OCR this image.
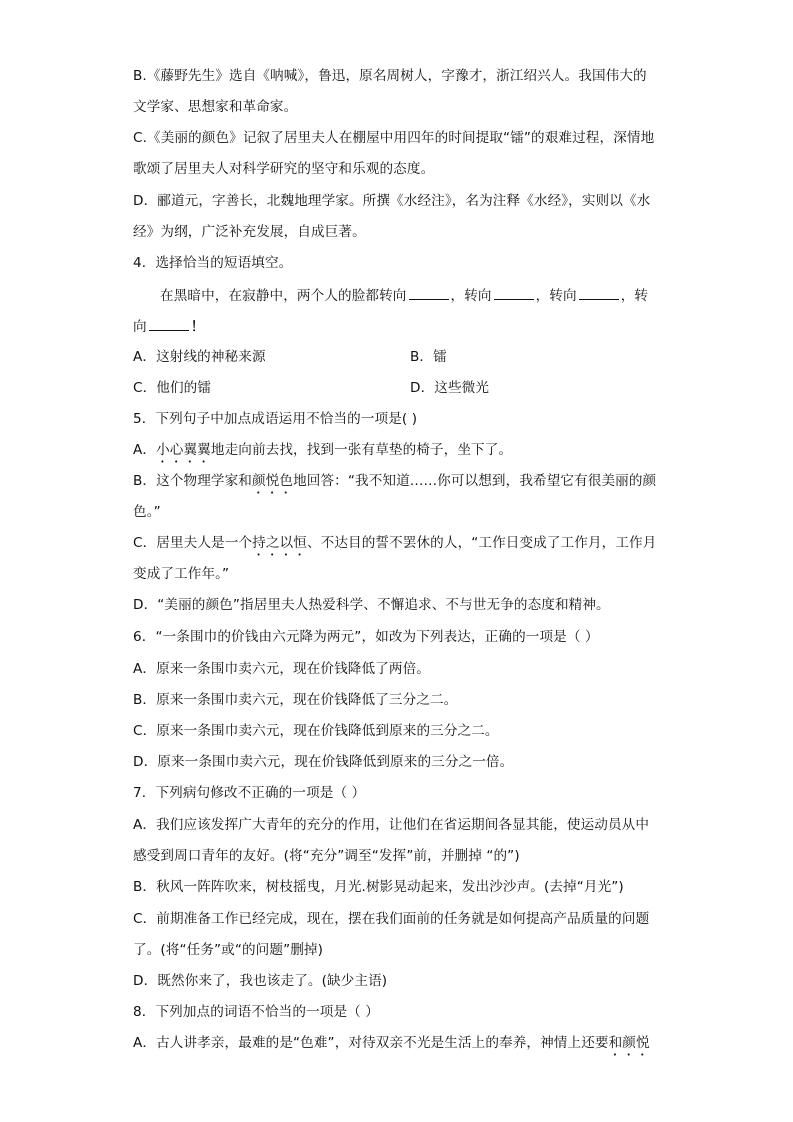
B.《藤野先生》选自《呐喊》，鲁迅，原名周树人，字豫才，浙江绍兴人。我国伟大的
文学家、思想家和革命家。
C.《美丽的颜色》记叙了居里夫人在棚屋中用四年的时间提取“镭”的艰难过程，深情地
歌颂了居里夫人对科学研究的坚守和乐观的态度。
D．郦道元，字善长，北魏地理学家。所撰《水经注》，名为注释《水经》，实则以《水
经》为纲，广泛补充发展，自成巨著。
4．选择恰当的短语填空。
在黑暗中，在寂静中，两个人的脸都转向	，转向	，转向	，转
向	！
A．这射线的神秘来源	B．镭
C．他们的镭	D．这些微光
5．下列句子中加点成语运用不恰当的一项是( )
A．小心翼翼地走向前去找，找到一张有草垫的椅子，坐下了。
B．这个物理学家和颜悦色地回答：“我不知道……你可以想到，我希望它有很美丽的颜
色。”
C．居里夫人是一个持之以恒、不达目的誓不罢休的人，“工作日变成了工作月，工作月
变成了工作年。”
D．“美丽的颜色”指居里夫人热爱科学、不懈追求、不与世无争的态度和精神。
6．“一条围巾的价钱由六元降为两元”，如改为下列表达，正确的一项是（ ）
A．原来一条围巾卖六元，现在价钱降低了两倍。
B．原来一条围巾卖六元，现在价钱降低了三分之二。
C．原来一条围巾卖六元，现在价钱降低到原来的三分之二。
D．原来一条围巾卖六元，现在价钱降低到原来的三分之一倍。
7．下列病句修改不正确的一项是（ ）
A．我们应该发挥广大青年的充分的作用，让他们在省运期间各显其能，使运动员从中
感受到周口青年的友好。(将“充分”调至“发挥”前，并删掉 “的”)
B．秋风一阵阵吹来，树枝摇曳，月光.树影晃动起来，发出沙沙声。(去掉“月光”)
C．前期准备工作已经完成，现在，摆在我们面前的任务就是如何提高产品质量的问题
了。(将“任务”或“的问题”删掉)
D．既然你来了，我也该走了。(缺少主语)
8．下列加点的词语不恰当的一项是（ ）
A．古人讲孝亲，最难的是“色难”，对待双亲不光是生活上的奉养，神情上还要和颜悦
